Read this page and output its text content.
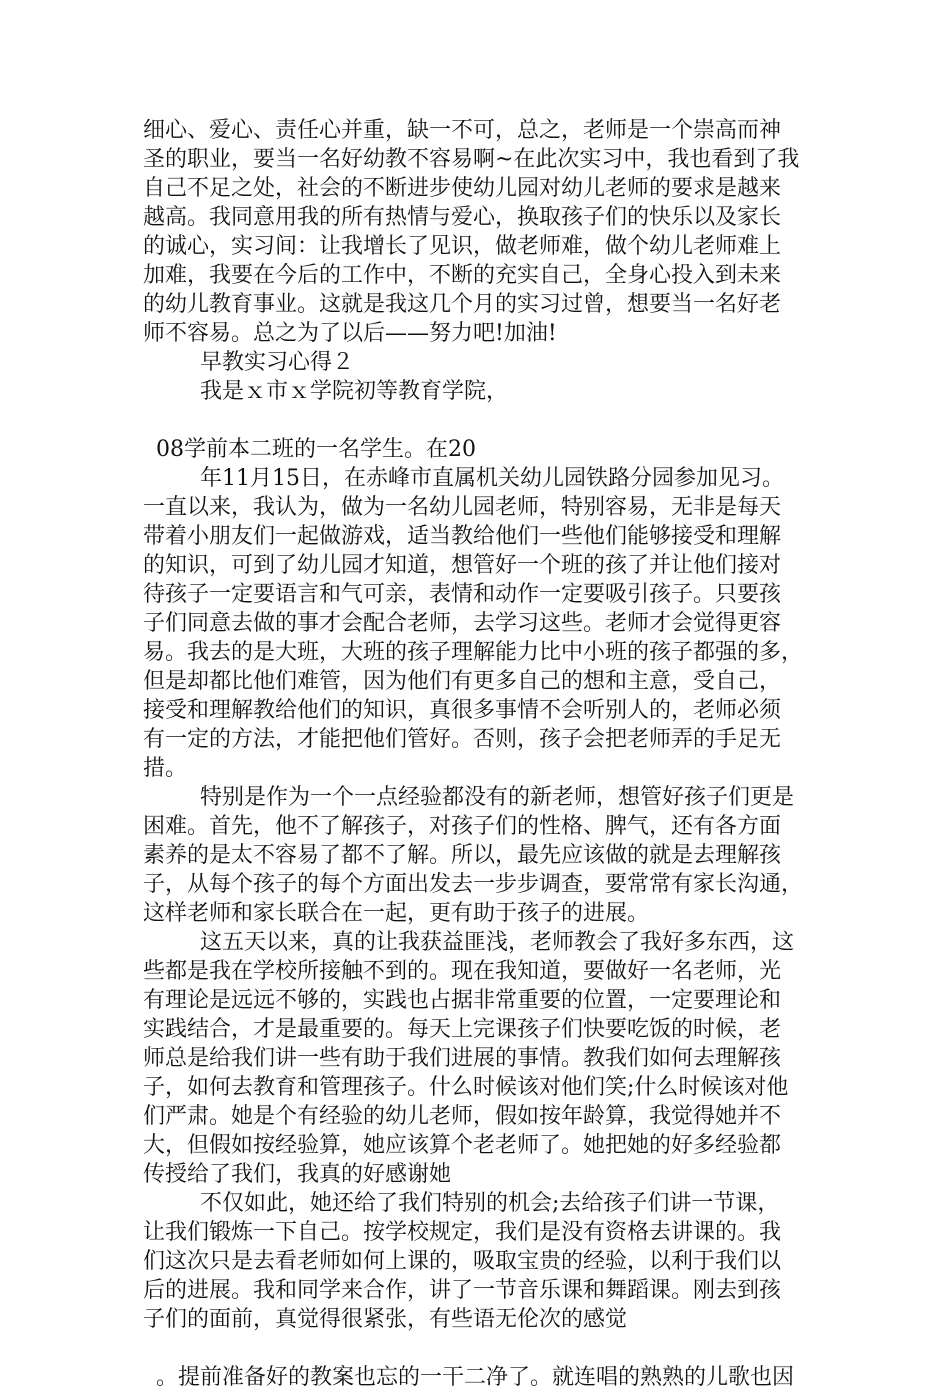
细心、爱心、责任心并重，缺一不可，总之，老师是一个崇高而神
圣的职业，要当一名好幼教不容易啊~在此次实习中，我也看到了我
自己不足之处，社会的不断进步使幼儿园对幼儿老师的要求是越来
越高。我同意用我的所有热情与爱心，换取孩子们的快乐以及家长
的诚心，实习间：让我增长了见识，做老师难，做个幼儿老师难上
加难，我要在今后的工作中，不断的充实自己，全身心投入到未来
的幼儿教育事业。这就是我这几个月的实习过曾，想要当一名好老
师不容易。总之为了以后——努力吧!加油!
早教实习心得２
我是ｘ市ｘ学院初等教育学院，
08学前本二班的一名学生。在20
年11月15日，在赤峰市直属机关幼儿园铁路分园参加见习。
一直以来，我认为，做为一名幼儿园老师，特别容易，无非是每天
带着小朋友们一起做游戏，适当教给他们一些他们能够接受和理解
的知识，可到了幼儿园才知道，想管好一个班的孩了并让他们接对
待孩子一定要语言和气可亲，表情和动作一定要吸引孩子。只要孩
子们同意去做的事才会配合老师，去学习这些。老师才会觉得更容
易。我去的是大班，大班的孩子理解能力比中小班的孩子都强的多，
但是却都比他们难管，因为他们有更多自己的想和主意，受自己，
接受和理解教给他们的知识，真很多事情不会听别人的，老师必须
有一定的方法，才能把他们管好。否则，孩子会把老师弄的手足无
措。
特别是作为一个一点经验都没有的新老师，想管好孩子们更是
困难。首先，他不了解孩子，对孩子们的性格、脾气，还有各方面
素养的是太不容易了都不了解。所以，最先应该做的就是去理解孩
子，从每个孩子的每个方面出发去一步步调查，要常常有家长沟通，
这样老师和家长联合在一起，更有助于孩子的进展。
这五天以来，真的让我获益匪浅，老师教会了我好多东西，这
些都是我在学校所接触不到的。现在我知道，要做好一名老师，光
有理论是远远不够的，实践也占据非常重要的位置，一定要理论和
实践结合，才是最重要的。每天上完课孩子们快要吃饭的时候，老
师总是给我们讲一些有助于我们进展的事情。教我们如何去理解孩
子，如何去教育和管理孩子。什么时候该对他们笑;什么时候该对他
们严肃。她是个有经验的幼儿老师，假如按年龄算，我觉得她并不
大，但假如按经验算，她应该算个老老师了。她把她的好多经验都
传授给了我们，我真的好感谢她
不仅如此，她还给了我们特别的机会;去给孩子们讲一节课，
让我们锻炼一下自己。按学校规定，我们是没有资格去讲课的。我
们这次只是去看老师如何上课的，吸取宝贵的经验，以利于我们以
后的进展。我和同学来合作，讲了一节音乐课和舞蹈课。刚去到孩
子们的面前，真觉得很紧张，有些语无伦次的感觉
。提前准备好的教案也忘的一干二净了。就连唱的熟熟的儿歌也因
